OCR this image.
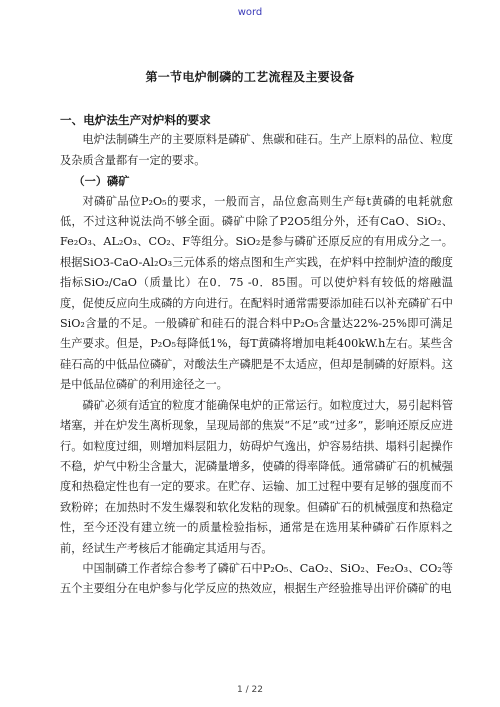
word
第一节电炉制磷的工艺流程及主要设备
一、电炉法生产对炉料的要求

电炉法制磷生产的主要原料是磷矿、焦碳和硅石。生产上原料的品位、粒度及杂质含量都有一定的要求。

（一）磷矿

对磷矿品位P₂O₅的要求，一般而言，品位愈高则生产每t黄磷的电耗就愈低，不过这种说法尚不够全面。磷矿中除了P2O5组分外，还有CaO、SiO₂、Fe₂O₃、AL₂O₃、CO₂、F等组分。SiO₂是参与磷矿还原反应的有用成分之一。根据SiO3-CaO-Al₂O₃三元体系的熔点图和生产实践，在炉料中控制炉渣的酸度指标SiO₂/CaO（质量比）在0．75 -0．85围。可以使炉料有较低的熔融温度，促使反应向生成磷的方向进行。在配料时通常需要添加硅石以补充磷矿石中SiO₂含量的不足。一般磷矿和硅石的混合料中P₂O₅含量达22%-25%即可满足生产要求。但是，P₂O₅每降低1%，每T黄磷将增加电耗400kW.h左右。某些含硅石高的中低品位磷矿，对酸法生产磷肥是不太适应，但却是制磷的好原料。这是中低品位磷矿的利用途径之一。

磷矿必须有适宜的粒度才能确保电炉的正常运行。如粒度过大，易引起料管堵塞，并在炉发生离析现象，呈现局部的焦炭“不足”或“过多”，影响还原反应进行。如粒度过细，则增加料层阻力，妨碍炉气逸出，炉容易结拱、塌料引起操作不稳，炉气中粉尘含量大，泥磷量增多，使磷的得率降低。通常磷矿石的机械强度和热稳定性也有一定的要求。在贮存、运输、加工过程中要有足够的强度而不致粉碎；在加热时不发生爆裂和软化发粘的现象。但磷矿石的机械强度和热稳定性，至今还没有建立统一的质量检验指标，通常是在选用某种磷矿石作原料之前，经试生产考核后才能确定其适用与否。

中国制磷工作者综合参考了磷矿石中P₂O₅、CaO₂、SiO₂、Fe₂O₃、CO₂等五个主要组分在电炉参与化学反应的热效应，根据生产经验推导出评价磷矿的电

1 / 22
